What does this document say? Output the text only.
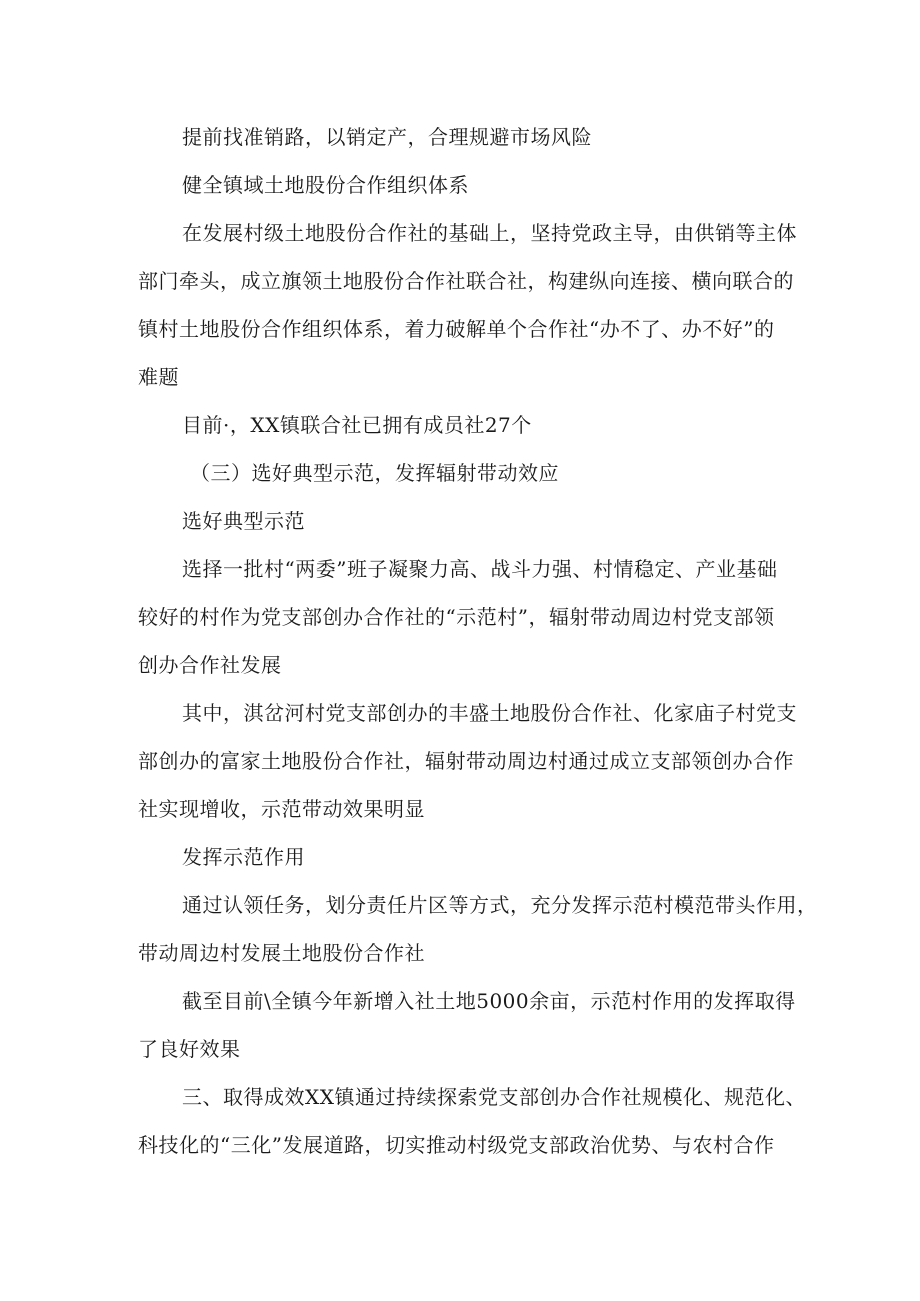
提前找准销路，以销定产，合理规避市场风险
健全镇域土地股份合作组织体系
在发展村级土地股份合作社的基础上，坚持党政主导，由供销等主体
部门牵头，成立旗领土地股份合作社联合社，构建纵向连接、横向联合的
镇村土地股份合作组织体系，着力破解单个合作社“办不了、办不好”的
难题
目前·，XX镇联合社已拥有成员社27个
（三）选好典型示范，发挥辐射带动效应
选好典型示范
选择一批村“两委”班子凝聚力高、战斗力强、村情稳定、产业基础
较好的村作为党支部创办合作社的“示范村”，辐射带动周边村党支部领
创办合作社发展
其中，淇岔河村党支部创办的丰盛土地股份合作社、化家庙子村党支
部创办的富家土地股份合作社，辐射带动周边村通过成立支部领创办合作
社实现增收，示范带动效果明显
发挥示范作用
通过认领任务，划分责任片区等方式，充分发挥示范村模范带头作用，
带动周边村发展土地股份合作社
截至目前\全镇今年新增入社土地5000余亩，示范村作用的发挥取得
了良好效果
三、取得成效XX镇通过持续探索党支部创办合作社规模化、规范化、
科技化的“三化”发展道路，切实推动村级党支部政治优势、与农村合作
